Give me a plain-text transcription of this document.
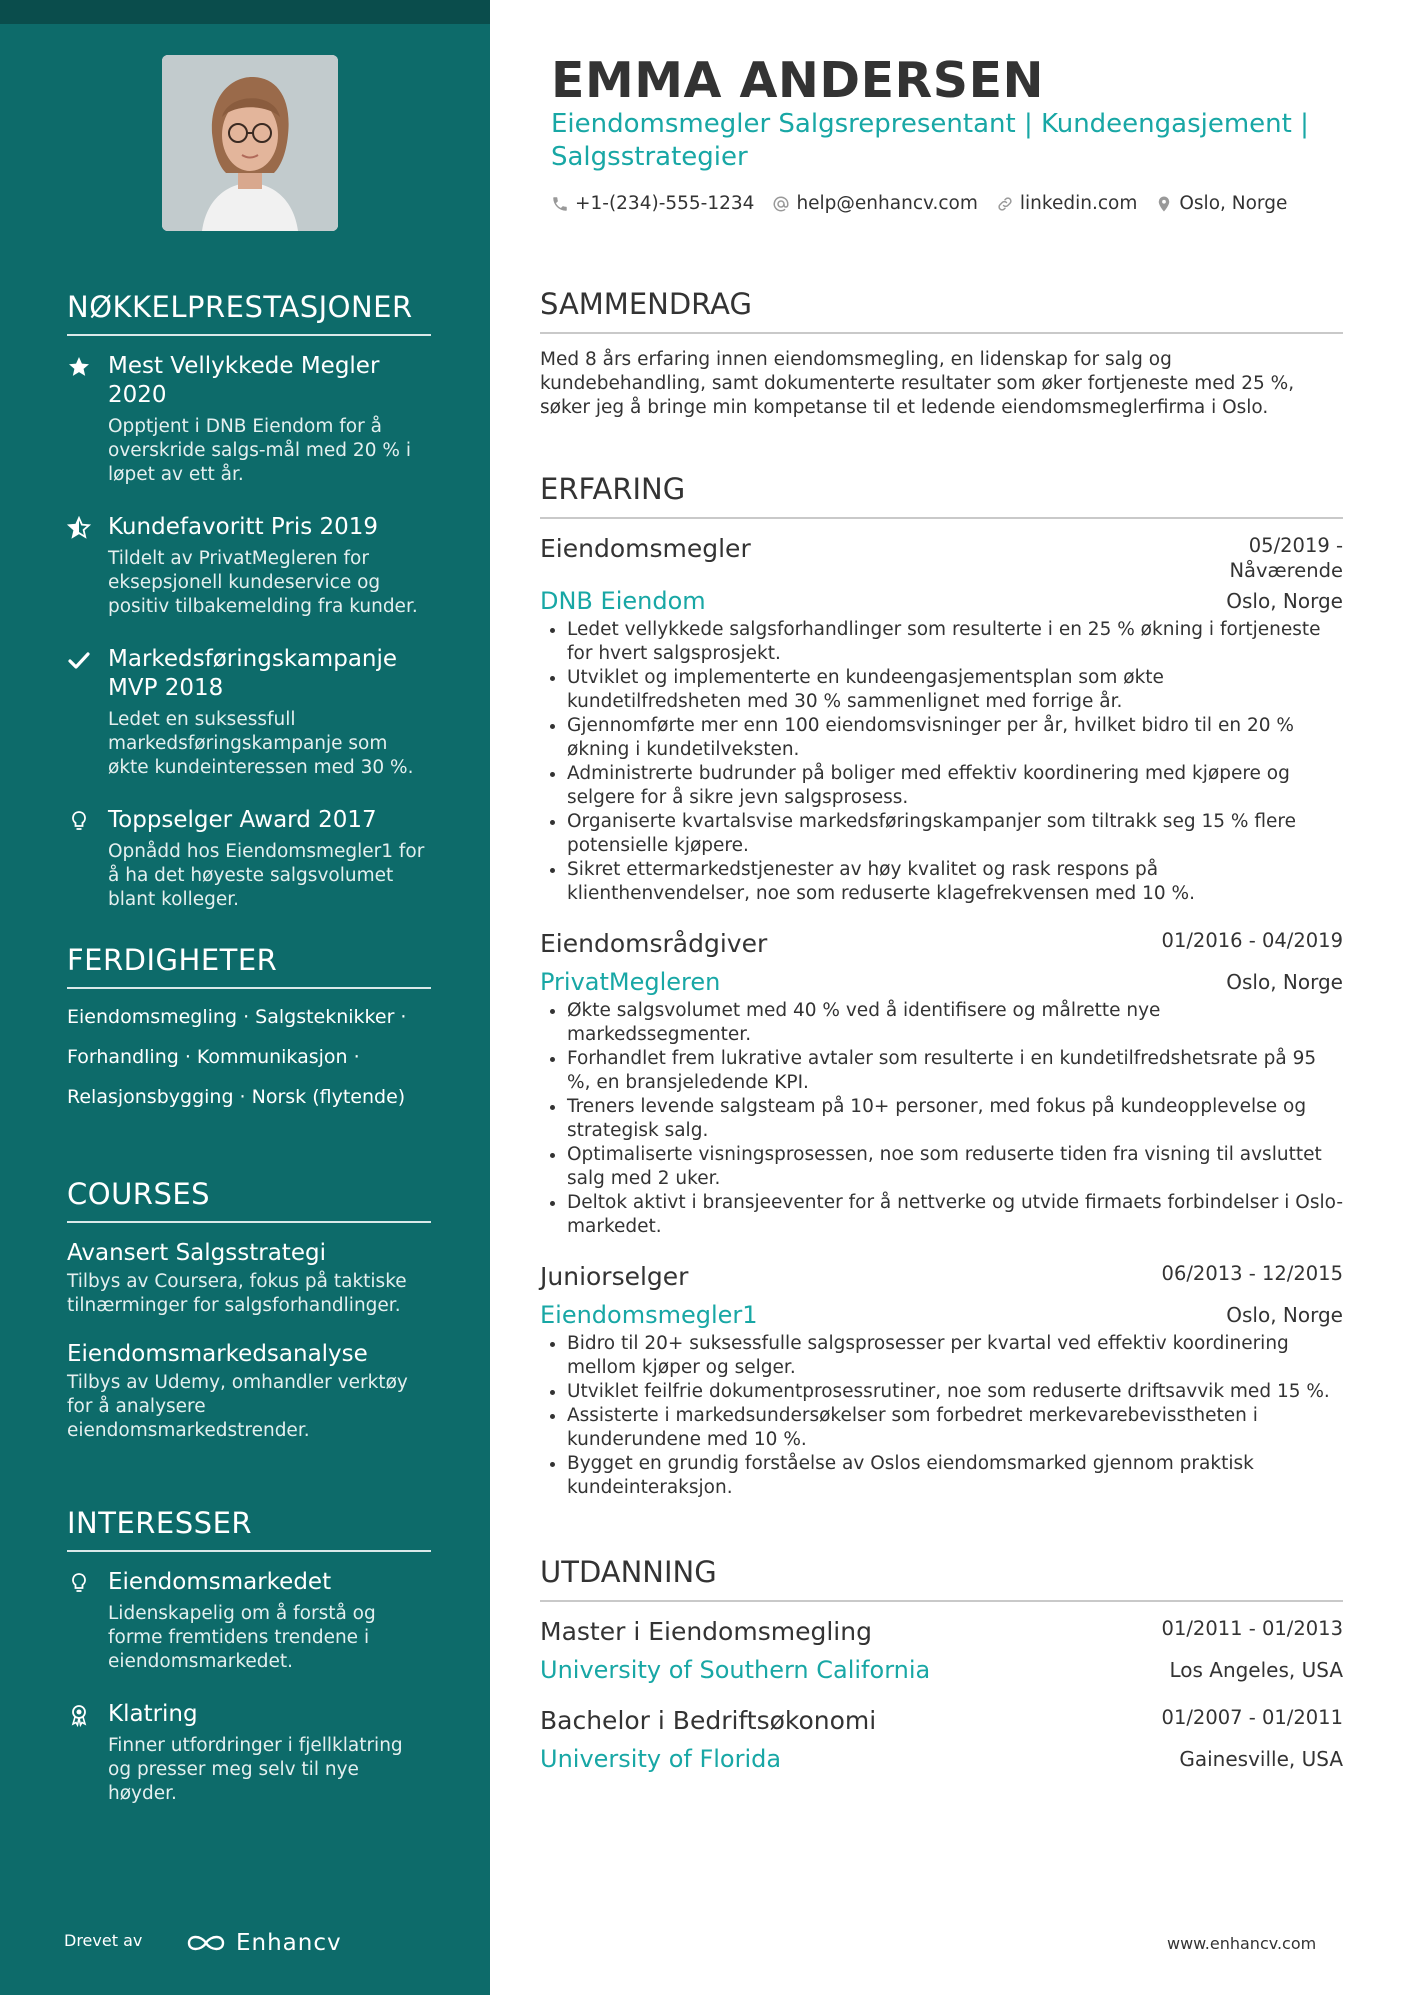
NØKKELPRESTASJONER
Mest Vellykkede Megler 2020
Opptjent i DNB Eiendom for å overskride salgs-mål med 20 % i løpet av ett år.
Kundefavoritt Pris 2019
Tildelt av PrivatMegleren for eksepsjonell kundeservice og positiv tilbakemelding fra kunder.
Markedsføringskampanje MVP 2018
Ledet en suksessfull markedsføringskampanje som økte kundeinteressen med 30 %.
Toppselger Award 2017
Opnådd hos Eiendomsmegler1 for å ha det høyeste salgsvolumet blant kolleger.
FERDIGHETER
Eiendomsmegling · Salgsteknikker ·
Forhandling · Kommunikasjon ·
Relasjonsbygging · Norsk (flytende)
COURSES
Avansert Salgsstrategi
Tilbys av Coursera, fokus på taktiske tilnærminger for salgsforhandlinger.
Eiendomsmarkedsanalyse
Tilbys av Udemy, omhandler verktøy for å analysere eiendomsmarkedstrender.
INTERESSER
Eiendomsmarkedet
Lidenskapelig om å forstå og forme fremtidens trendene i eiendomsmarkedet.
Klatring
Finner utfordringer i fjellklatring og presser meg selv til nye høyder.
Drevet av	Enhancv
EMMA ANDERSEN
Eiendomsmegler Salgsrepresentant | Kundeengasjement | Salgsstrategier
+1-(234)-555-1234 help@enhancv.com linkedin.com Oslo, Norge
SAMMENDRAG
Med 8 års erfaring innen eiendomsmegling, en lidenskap for salg og kundebehandling, samt dokumenterte resultater som øker fortjeneste med 25 %, søker jeg å bringe min kompetanse til et ledende eiendomsmeglerfirma i Oslo.
ERFARING
Eiendomsmegler	05/2019 - Nåværende
DNB Eiendom	Oslo, Norge
• Ledet vellykkede salgsforhandlinger som resulterte i en 25 % økning i fortjeneste for hvert salgsprosjekt.
• Utviklet og implementerte en kundeengasjementsplan som økte kundetilfredsheten med 30 % sammenlignet med forrige år.
• Gjennomførte mer enn 100 eiendomsvisninger per år, hvilket bidro til en 20 % økning i kundetilveksten.
• Administrerte budrunder på boliger med effektiv koordinering med kjøpere og selgere for å sikre jevn salgsprosess.
• Organiserte kvartalsvise markedsføringskampanjer som tiltrakk seg 15 % flere potensielle kjøpere.
• Sikret ettermarkedstjenester av høy kvalitet og rask respons på klienthenvendelser, noe som reduserte klagefrekvensen med 10 %.
Eiendomsrådgiver	01/2016 - 04/2019
PrivatMegleren	Oslo, Norge
• Økte salgsvolumet med 40 % ved å identifisere og målrette nye markedssegmenter.
• Forhandlet frem lukrative avtaler som resulterte i en kundetilfredshetsrate på 95 %, en bransjeledende KPI.
• Treners levende salgsteam på 10+ personer, med fokus på kundeopplevelse og strategisk salg.
• Optimaliserte visningsprosessen, noe som reduserte tiden fra visning til avsluttet salg med 2 uker.
• Deltok aktivt i bransjeeventer for å nettverke og utvide firmaets forbindelser i Oslo-markedet.
Juniorselger	06/2013 - 12/2015
Eiendomsmegler1	Oslo, Norge
• Bidro til 20+ suksessfulle salgsprosesser per kvartal ved effektiv koordinering mellom kjøper og selger.
• Utviklet feilfrie dokumentprosessrutiner, noe som reduserte driftsavvik med 15 %.
• Assisterte i markedsundersøkelser som forbedret merkevarebevisstheten i kunderundene med 10 %.
• Bygget en grundig forståelse av Oslos eiendomsmarked gjennom praktisk kundeinteraksjon.
UTDANNING
Master i Eiendomsmegling	01/2011 - 01/2013
University of Southern California	Los Angeles, USA
Bachelor i Bedriftsøkonomi	01/2007 - 01/2011
University of Florida	Gainesville, USA
www.enhancv.com
